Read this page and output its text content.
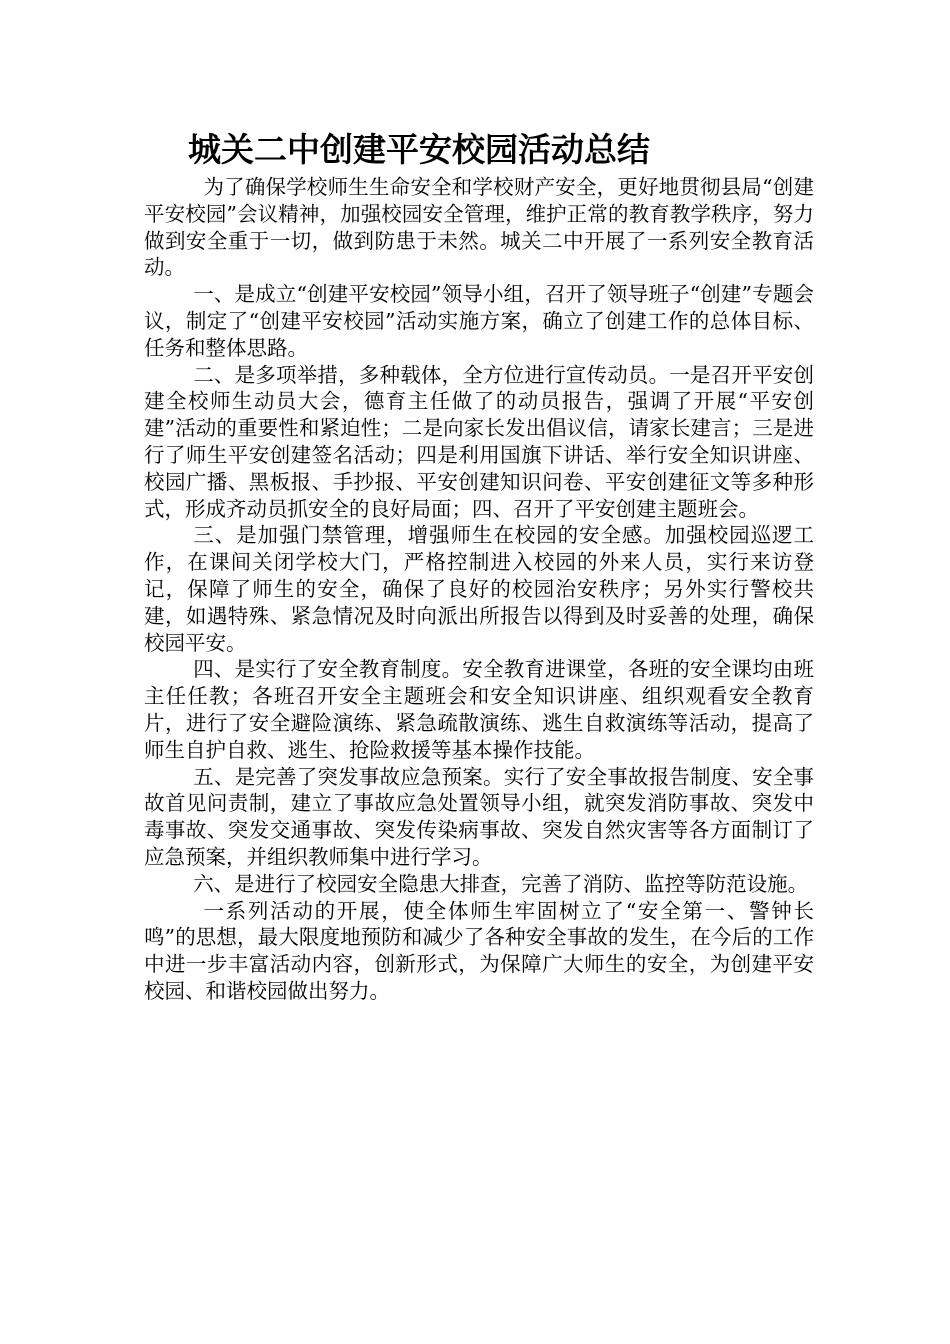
城关二中创建平安校园活动总结

为了确保学校师生生命安全和学校财产安全，更好地贯彻县局“创建平安校园”会议精神，加强校园安全管理，维护正常的教育教学秩序，努力做到安全重于一切，做到防患于未然。城关二中开展了一系列安全教育活动。

一、是成立“创建平安校园”领导小组，召开了领导班子“创建”专题会议，制定了“创建平安校园”活动实施方案，确立了创建工作的总体目标、任务和整体思路。

二、是多项举措，多种载体，全方位进行宣传动员。一是召开平安创建全校师生动员大会，德育主任做了的动员报告，强调了开展“平安创建”活动的重要性和紧迫性；二是向家长发出倡议信，请家长建言；三是进行了师生平安创建签名活动；四是利用国旗下讲话、举行安全知识讲座、校园广播、黑板报、手抄报、平安创建知识问卷、平安创建征文等多种形式，形成齐动员抓安全的良好局面；四、召开了平安创建主题班会。

三、是加强门禁管理，增强师生在校园的安全感。加强校园巡逻工作，在课间关闭学校大门，严格控制进入校园的外来人员，实行来访登记，保障了师生的安全，确保了良好的校园治安秩序；另外实行警校共建，如遇特殊、紧急情况及时向派出所报告以得到及时妥善的处理，确保校园平安。

四、是实行了安全教育制度。安全教育进课堂，各班的安全课均由班主任任教；各班召开安全主题班会和安全知识讲座、组织观看安全教育片，进行了安全避险演练、紧急疏散演练、逃生自救演练等活动，提高了师生自护自救、逃生、抢险救援等基本操作技能。

五、是完善了突发事故应急预案。实行了安全事故报告制度、安全事故首见问责制，建立了事故应急处置领导小组，就突发消防事故、突发中毒事故、突发交通事故、突发传染病事故、突发自然灾害等各方面制订了应急预案，并组织教师集中进行学习。

六、是进行了校园安全隐患大排查，完善了消防、监控等防范设施。

一系列活动的开展，使全体师生牢固树立了“安全第一、警钟长鸣”的思想，最大限度地预防和减少了各种安全事故的发生，在今后的工作中进一步丰富活动内容，创新形式，为保障广大师生的安全，为创建平安校园、和谐校园做出努力。
